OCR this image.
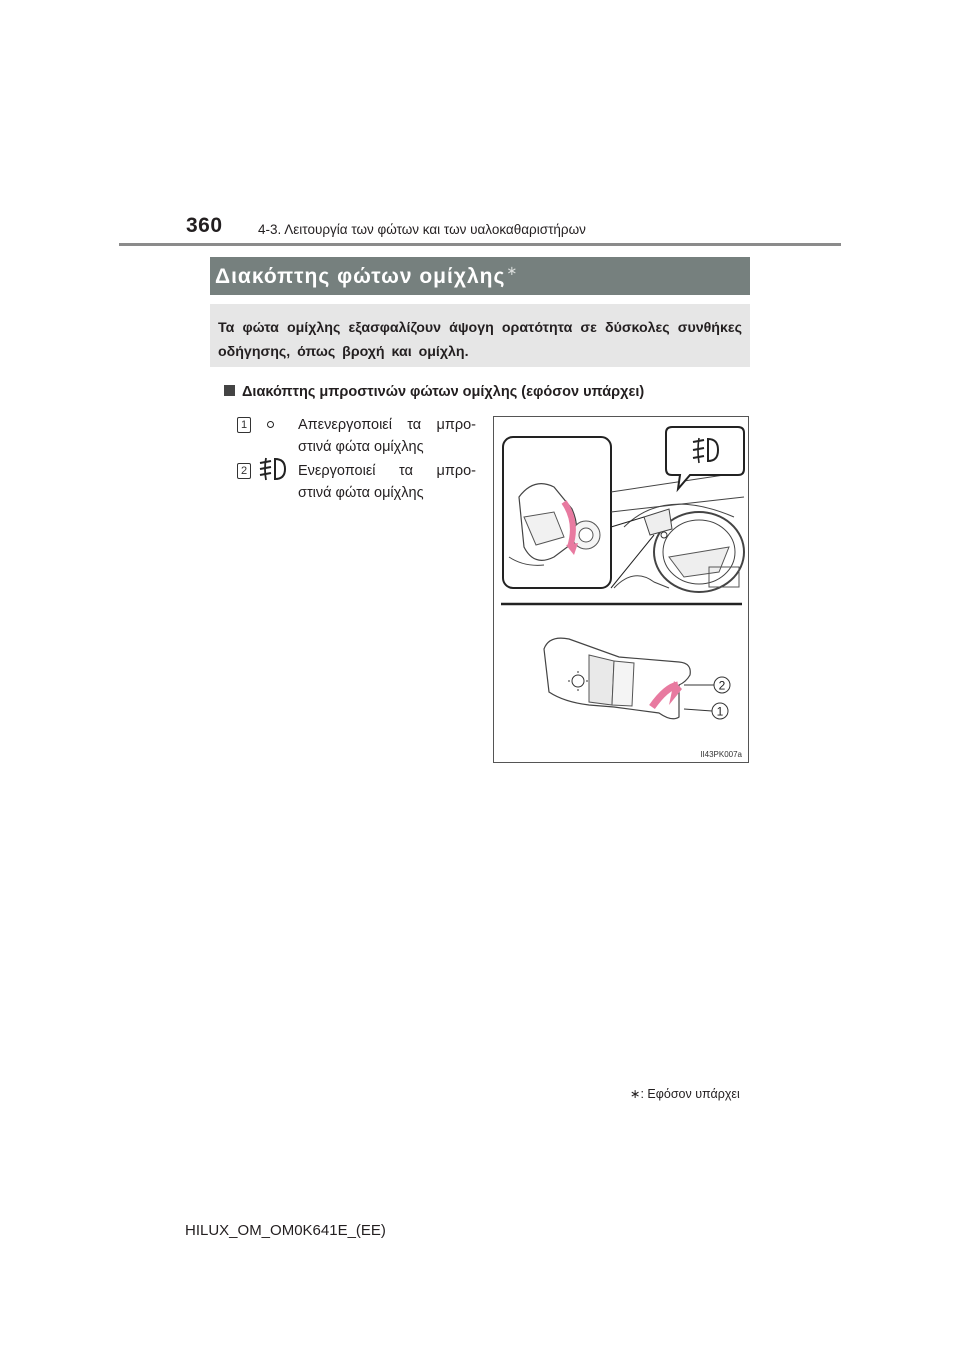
360	4-3. Λειτουργία των φώτων και των υαλοκαθαριστήρων
Διακόπτης φώτων ομίχλης∗
Τα φώτα ομίχλης εξασφαλίζουν άψογη ορατότητα σε δύσκολες συνθήκες οδήγησης, όπως βροχή και ομίχλη.
Διακόπτης μπροστινών φώτων ομίχλης (εφόσον υπάρχει)
1	Απενεργοποιεί τα μπρο-
στινά φώτα ομίχλης
2	Ενεργοποιεί τα μπρο-
στινά φώτα ομίχλης
2
1
II43PK007a
∗: Εφόσον υπάρχει
HILUX_OM_OM0K641E_(EE)
